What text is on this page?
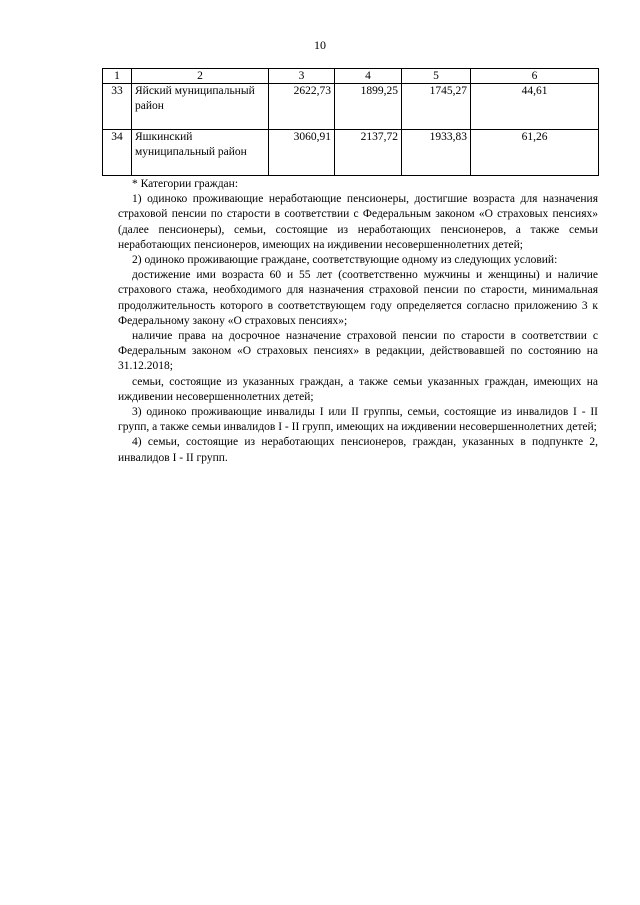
10
1	2	3	4	5	6
33	Яйский муниципальный район	2622,73	1899,25	1745,27	44,61
34	Яшкинский муниципальный район	3060,91	2137,72	1933,83	61,26

* Категории граждан:

1) одиноко проживающие неработающие пенсионеры, достигшие возраста для назначения страховой пенсии по старости в соответствии с Федеральным законом «О страховых пенсиях» (далее пенсионеры), семьи, состоящие из неработающих пенсионеров, а также семьи неработающих пенсионеров, имеющих на иждивении несовершеннолетних детей;

2) одиноко проживающие граждане, соответствующие одному из следующих условий:

достижение ими возраста 60 и 55 лет (соответственно мужчины и женщины) и наличие страхового стажа, необходимого для назначения страховой пенсии по старости, минимальная продолжительность которого в соответствующем году определяется согласно приложению 3 к Федеральному закону «О страховых пенсиях»;

наличие права на досрочное назначение страховой пенсии по старости в соответствии с Федеральным законом «О страховых пенсиях» в редакции, действовавшей по состоянию на 31.12.2018;

семьи, состоящие из указанных граждан, а также семьи указанных граждан, имеющих на иждивении несовершеннолетних детей;

3) одиноко проживающие инвалиды I или II группы, семьи, состоящие из инвалидов I - II групп, а также семьи инвалидов I - II групп, имеющих на иждивении несовершеннолетних детей;

4) семьи, состоящие из неработающих пенсионеров, граждан, указанных в подпункте 2, инвалидов I - II групп.
